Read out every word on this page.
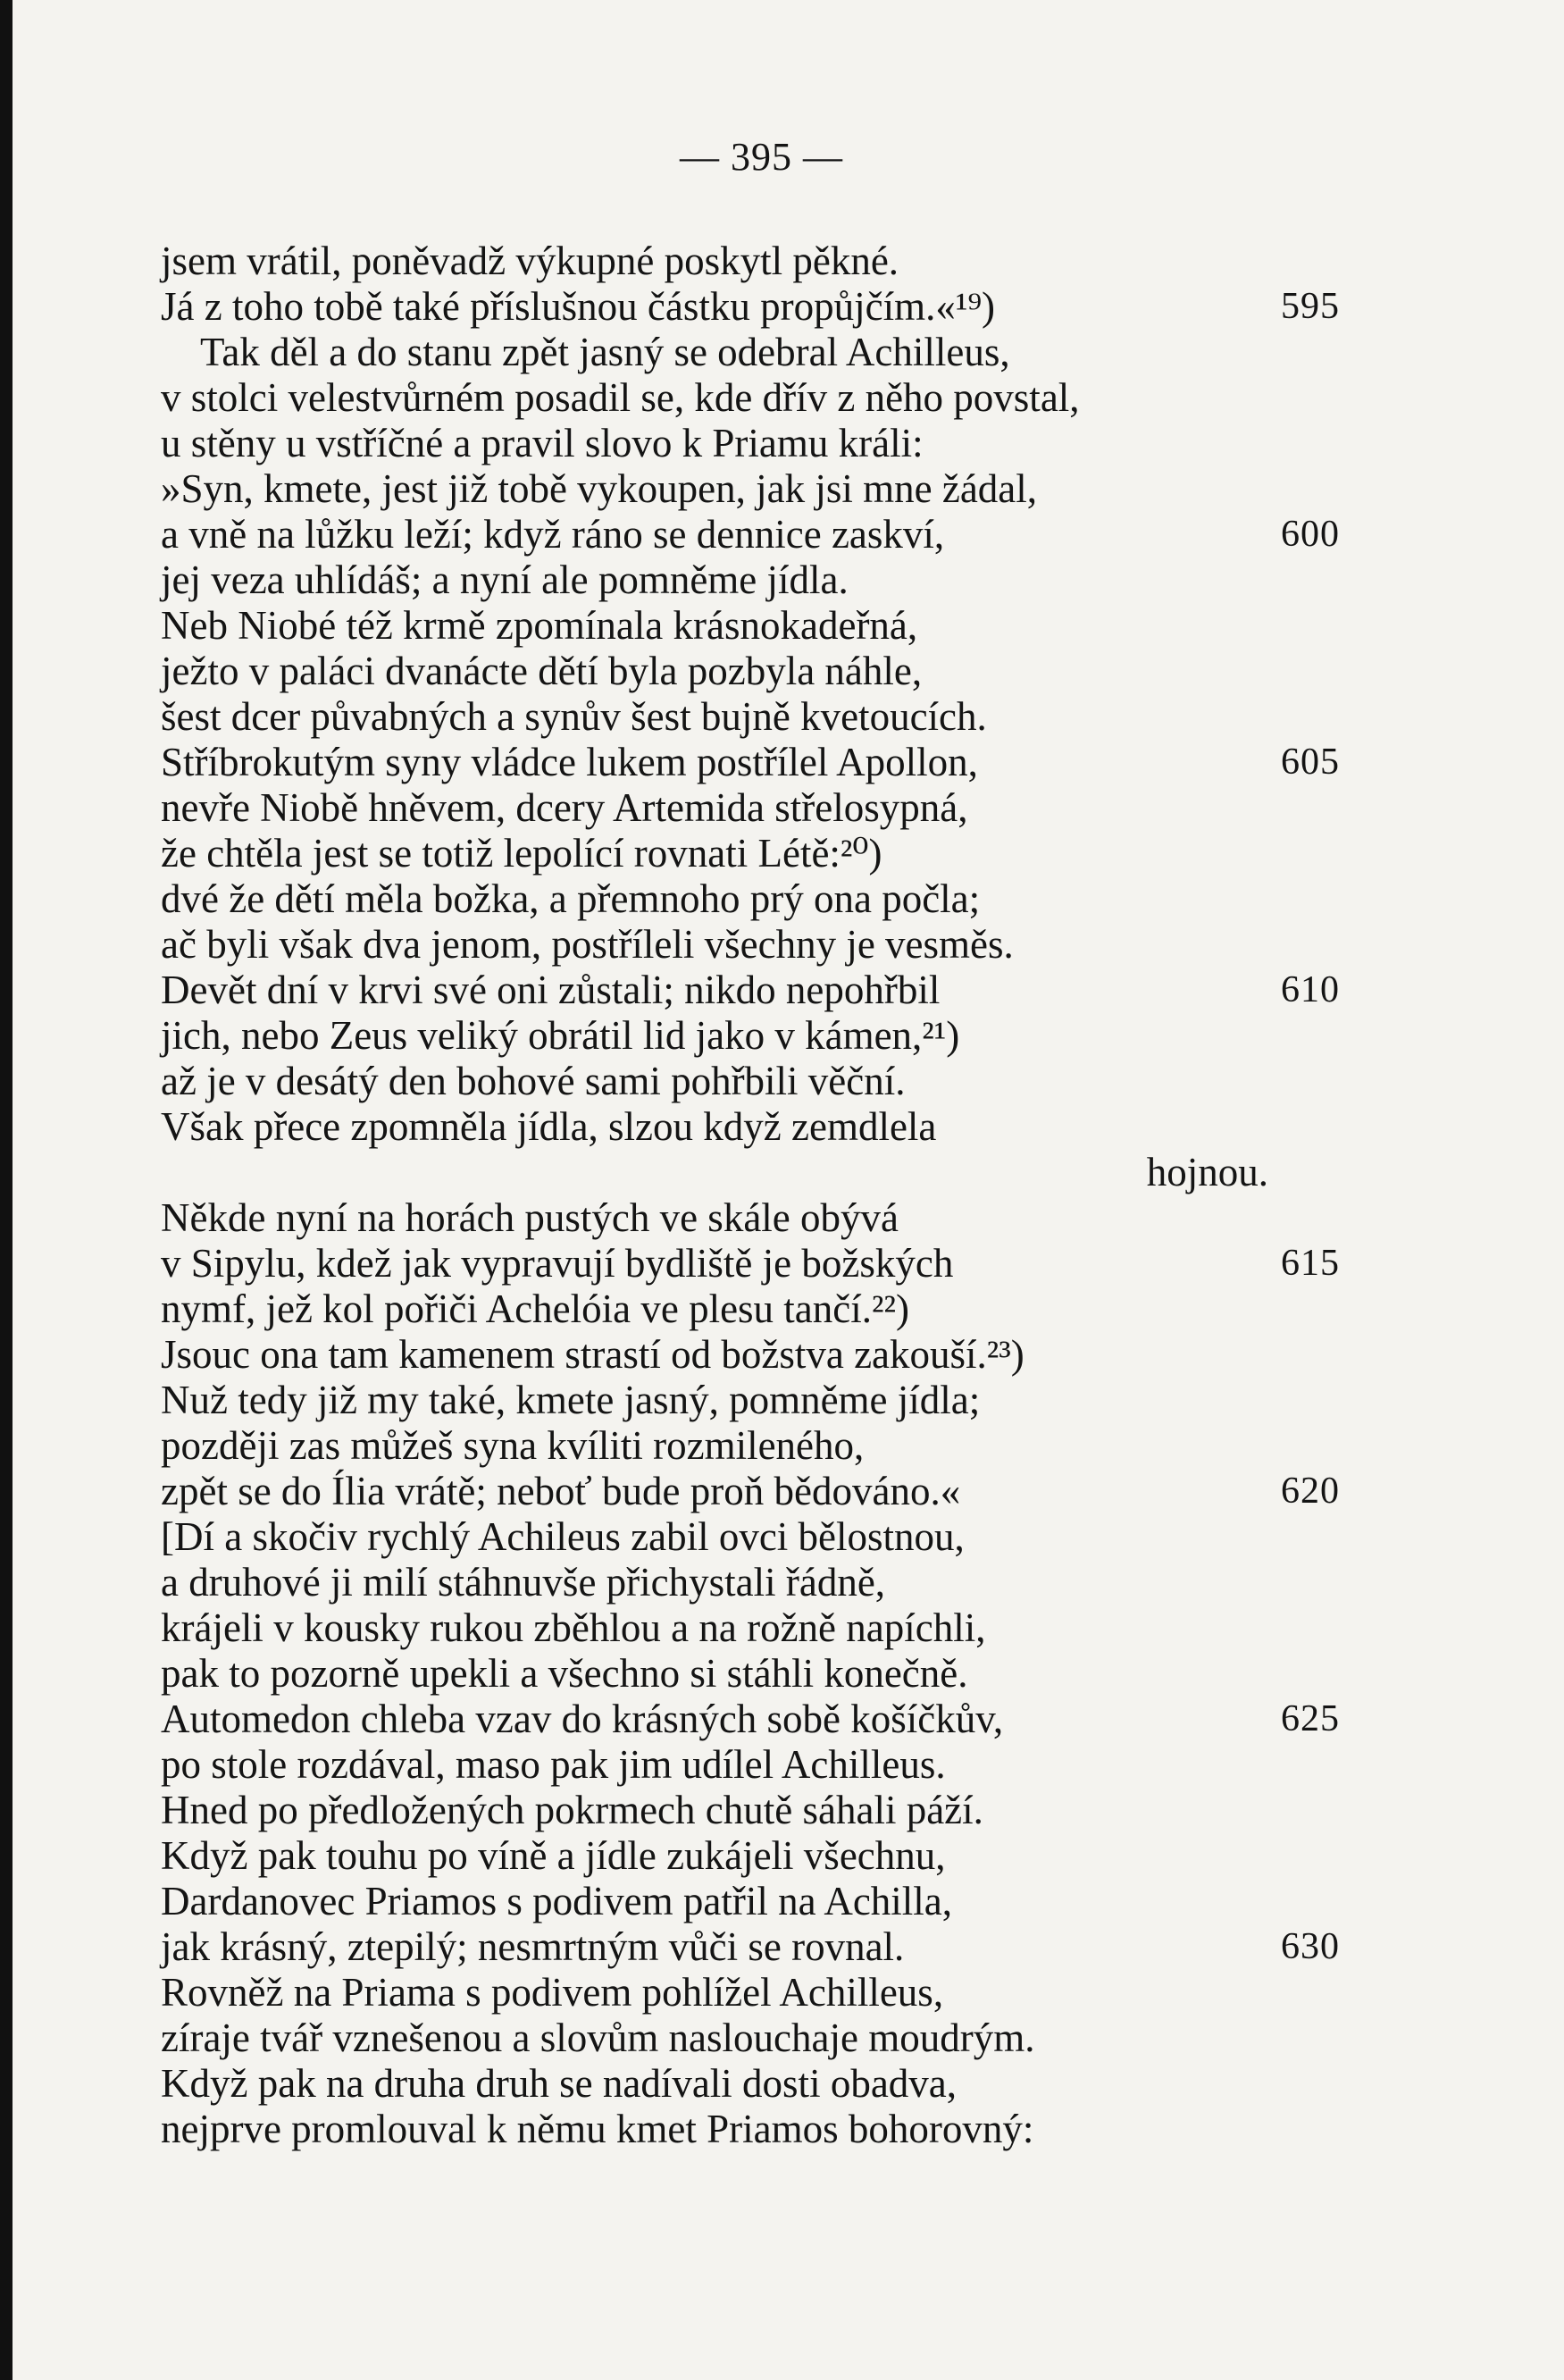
— 395 —
jsem vrátil, poněvadž výkupné poskytl pěkné.
Já z toho tobě také příslušnou částku propůjčím.«¹⁹)	595
Tak děl a do stanu zpět jasný se odebral Achilleus,
v stolci velestvůrném posadil se, kde dřív z něho povstal,
u stěny u vstříčné a pravil slovo k Priamu králi:
»Syn, kmete, jest již tobě vykoupen, jak jsi mne žádal,
a vně na lůžku leží; když ráno se dennice zaskví,	600
jej veza uhlídáš; a nyní ale pomněme jídla.
Neb Niobé též krmě zpomínala krásnokadeřná,
ježto v paláci dvanácte dětí byla pozbyla náhle,
šest dcer půvabných a synův šest bujně kvetoucích.
Stříbrokutým syny vládce lukem postřílel Apollon,	605
nevře Niobě hněvem, dcery Artemida střelosypná,
že chtěla jest se totiž lepolící rovnati Létě:²⁰)
dvé že dětí měla božka, a přemnoho prý ona počla;
ač byli však dva jenom, postříleli všechny je vesměs.
Devět dní v krvi své oni zůstali; nikdo nepohřbil	610
jich, nebo Zeus veliký obrátil lid jako v kámen,²¹)
až je v desátý den bohové sami pohřbili věční.
Však přece zpomněla jídla, slzou když zemdlela
hojnou.
Někde nyní na horách pustých ve skále obývá
v Sipylu, kdež jak vypravují bydliště je božských	615
nymf, jež kol pořiči Achelóia ve plesu tančí.²²)
Jsouc ona tam kamenem strastí od božstva zakouší.²³)
Nuž tedy již my také, kmete jasný, pomněme jídla;
později zas můžeš syna kvíliti rozmileného,
zpět se do Ília vrátě; neboť bude proň bědováno.«	620
[Dí a skočiv rychlý Achileus zabil ovci bělostnou,
a druhové ji milí stáhnuvše přichystali řádně,
krájeli v kousky rukou zběhlou a na rožně napíchli,
pak to pozorně upekli a všechno si stáhli konečně.
Automedon chleba vzav do krásných sobě košíčkův,	625
po stole rozdával, maso pak jim udílel Achilleus.
Hned po předložených pokrmech chutě sáhali páží.
Když pak touhu po víně a jídle zukájeli všechnu,
Dardanovec Priamos s podivem patřil na Achilla,
jak krásný, ztepilý; nesmrtným vůči se rovnal.	630
Rovněž na Priama s podivem pohlížel Achilleus,
zíraje tvář vznešenou a slovům naslouchaje moudrým.
Když pak na druha druh se nadívali dosti obadva,
nejprve promlouval k němu kmet Priamos bohorovný:
